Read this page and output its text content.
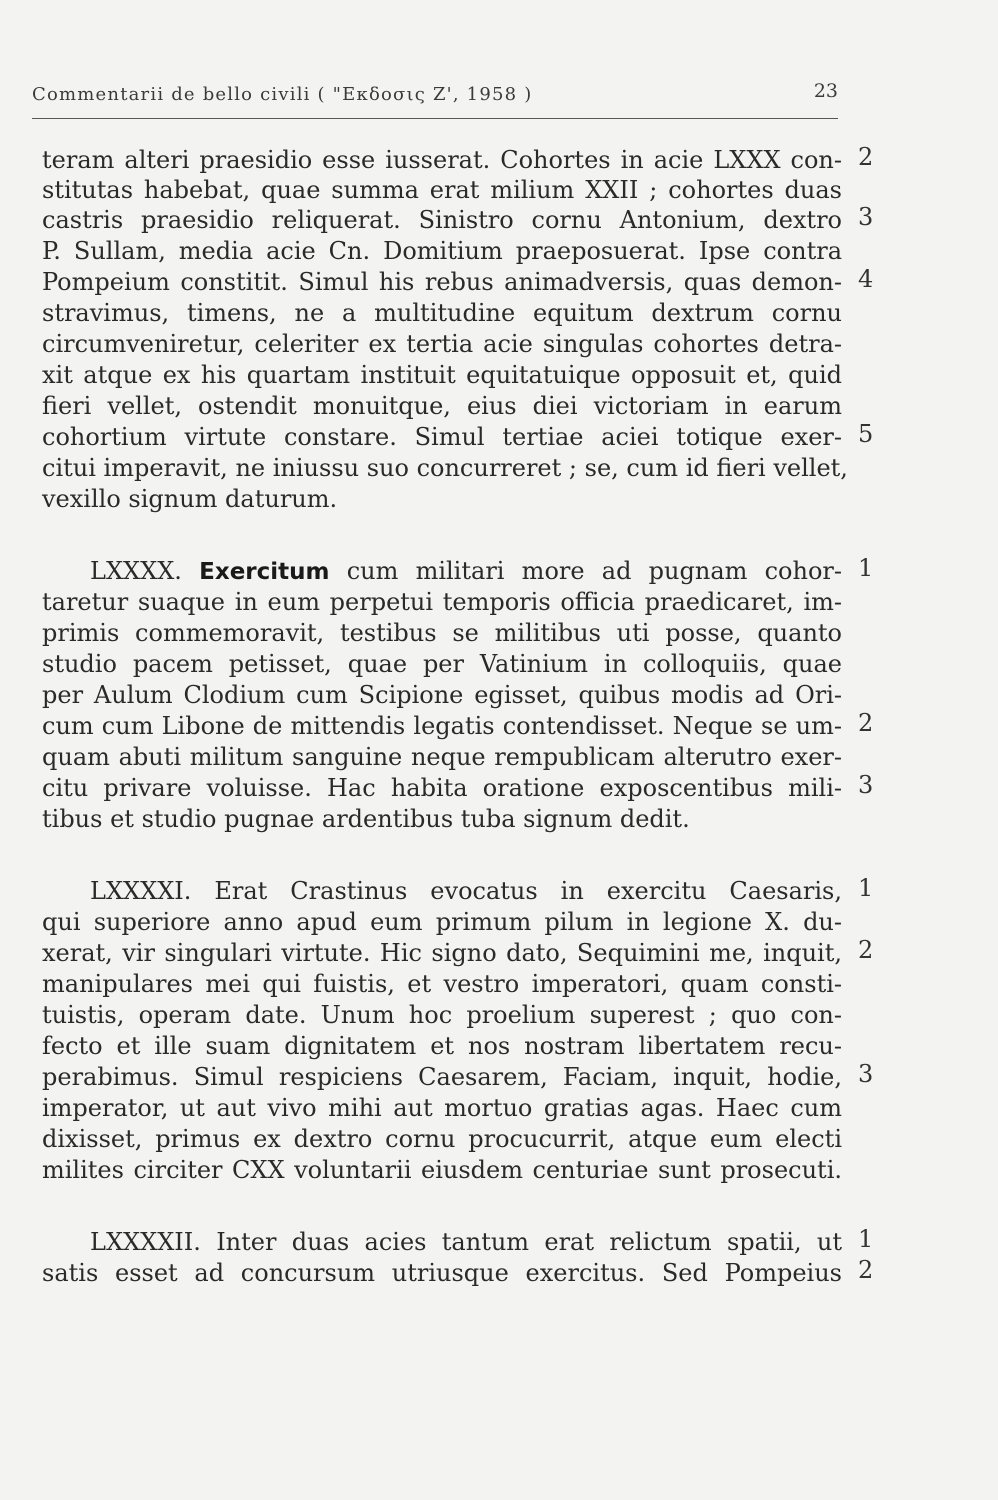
Commentarii de bello civili ( "Εκδοσις Ζ', 1958 )	23
teram alteri praesidio esse iusserat. Cohortes in acie LXXX con-
stitutas habebat, quae summa erat milium XXII ; cohortes duas
castris praesidio reliquerat. Sinistro cornu Antonium, dextro
P. Sullam, media acie Cn. Domitium praeposuerat. Ipse contra
Pompeium constitit. Simul his rebus animadversis, quas demon-
stravimus, timens, ne a multitudine equitum dextrum cornu
circumveniretur, celeriter ex tertia acie singulas cohortes detra-
xit atque ex his quartam instituit equitatuique opposuit et, quid
fieri vellet, ostendit monuitque, eius diei victoriam in earum
cohortium virtute constare. Simul tertiae aciei totique exer-
citui imperavit, ne iniussu suo concurreret ; se, cum id fieri vellet,
vexillo signum daturum.
LXXXX. Exercitum cum militari more ad pugnam cohor-
taretur suaque in eum perpetui temporis officia praedicaret, im-
primis commemoravit, testibus se militibus uti posse, quanto
studio pacem petisset, quae per Vatinium in colloquiis, quae
per Aulum Clodium cum Scipione egisset, quibus modis ad Ori-
cum cum Libone de mittendis legatis contendisset. Neque se um-
quam abuti militum sanguine neque rempublicam alterutro exer-
citu privare voluisse. Hac habita oratione exposcentibus mili-
tibus et studio pugnae ardentibus tuba signum dedit.
LXXXXI. Erat Crastinus evocatus in exercitu Caesaris,
qui superiore anno apud eum primum pilum in legione X. du-
xerat, vir singulari virtute. Hic signo dato, Sequimini me, inquit,
manipulares mei qui fuistis, et vestro imperatori, quam consti-
tuistis, operam date. Unum hoc proelium superest ; quo con-
fecto et ille suam dignitatem et nos nostram libertatem recu-
perabimus. Simul respiciens Caesarem, Faciam, inquit, hodie,
imperator, ut aut vivo mihi aut mortuo gratias agas. Haec cum
dixisset, primus ex dextro cornu procucurrit, atque eum electi
milites circiter CXX voluntarii eiusdem centuriae sunt prosecuti.
LXXXXII. Inter duas acies tantum erat relictum spatii, ut
satis esset ad concursum utriusque exercitus. Sed Pompeius
2
3
4
5
1
2
3
1
2
3
1
2
